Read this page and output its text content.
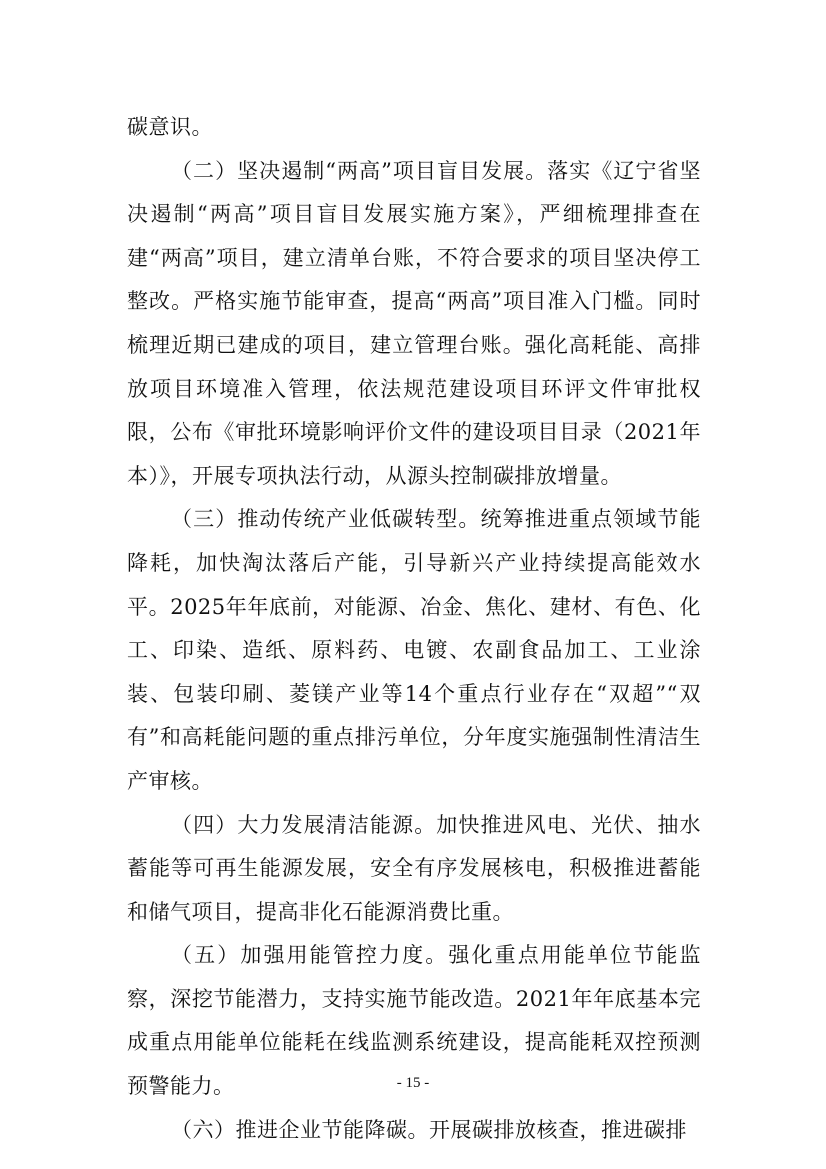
碳意识。

（二）坚决遏制“两高”项目盲目发展。落实《辽宁省坚决遏制“两高”项目盲目发展实施方案》，严细梳理排查在建“两高”项目，建立清单台账，不符合要求的项目坚决停工整改。严格实施节能审查，提高“两高”项目准入门槛。同时梳理近期已建成的项目，建立管理台账。强化高耗能、高排放项目环境准入管理，依法规范建设项目环评文件审批权限，公布《审批环境影响评价文件的建设项目目录（2021年本）》，开展专项执法行动，从源头控制碳排放增量。

（三）推动传统产业低碳转型。统筹推进重点领域节能降耗，加快淘汰落后产能，引导新兴产业持续提高能效水平。2025年年底前，对能源、冶金、焦化、建材、有色、化工、印染、造纸、原料药、电镀、农副食品加工、工业涂装、包装印刷、菱镁产业等14个重点行业存在“双超”“双有”和高耗能问题的重点排污单位，分年度实施强制性清洁生产审核。

（四）大力发展清洁能源。加快推进风电、光伏、抽水蓄能等可再生能源发展，安全有序发展核电，积极推进蓄能和储气项目，提高非化石能源消费比重。

（五）加强用能管控力度。强化重点用能单位节能监察，深挖节能潜力，支持实施节能改造。2021年年底基本完成重点用能单位能耗在线监测系统建设，提高能耗双控预测预警能力。

（六）推进企业节能降碳。开展碳排放核查，推进碳排

- 15 -
